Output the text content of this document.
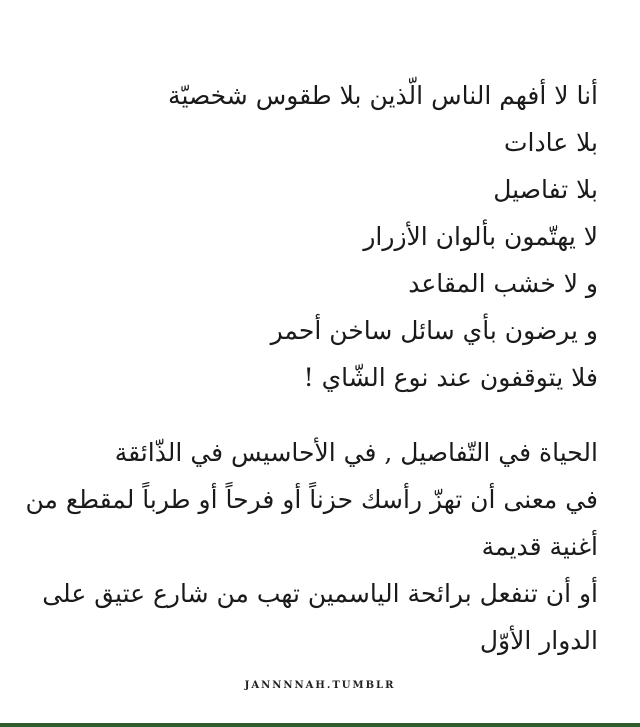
أنا لا أفهم الناس الّذين بلا طقوس شخصيّة
بلا عادات
بلا تفاصيل
لا يهتّمون بألوان الأزرار
و لا خشب المقاعد
و يرضون بأي سائل ساخن أحمر
فلا يتوقفون عند نوع الشّاي !
الحياة في التّفاصيل , في الأحاسيس في الذّائقة
في معنى أن تهزّ رأسك حزناً أو فرحاً أو طرباً لمقطع من
أغنية قديمة
أو أن تنفعل برائحة الياسمين تهب من شارع عتيق على
الدوار الأوّل
JANNNNAH.TUMBLR
